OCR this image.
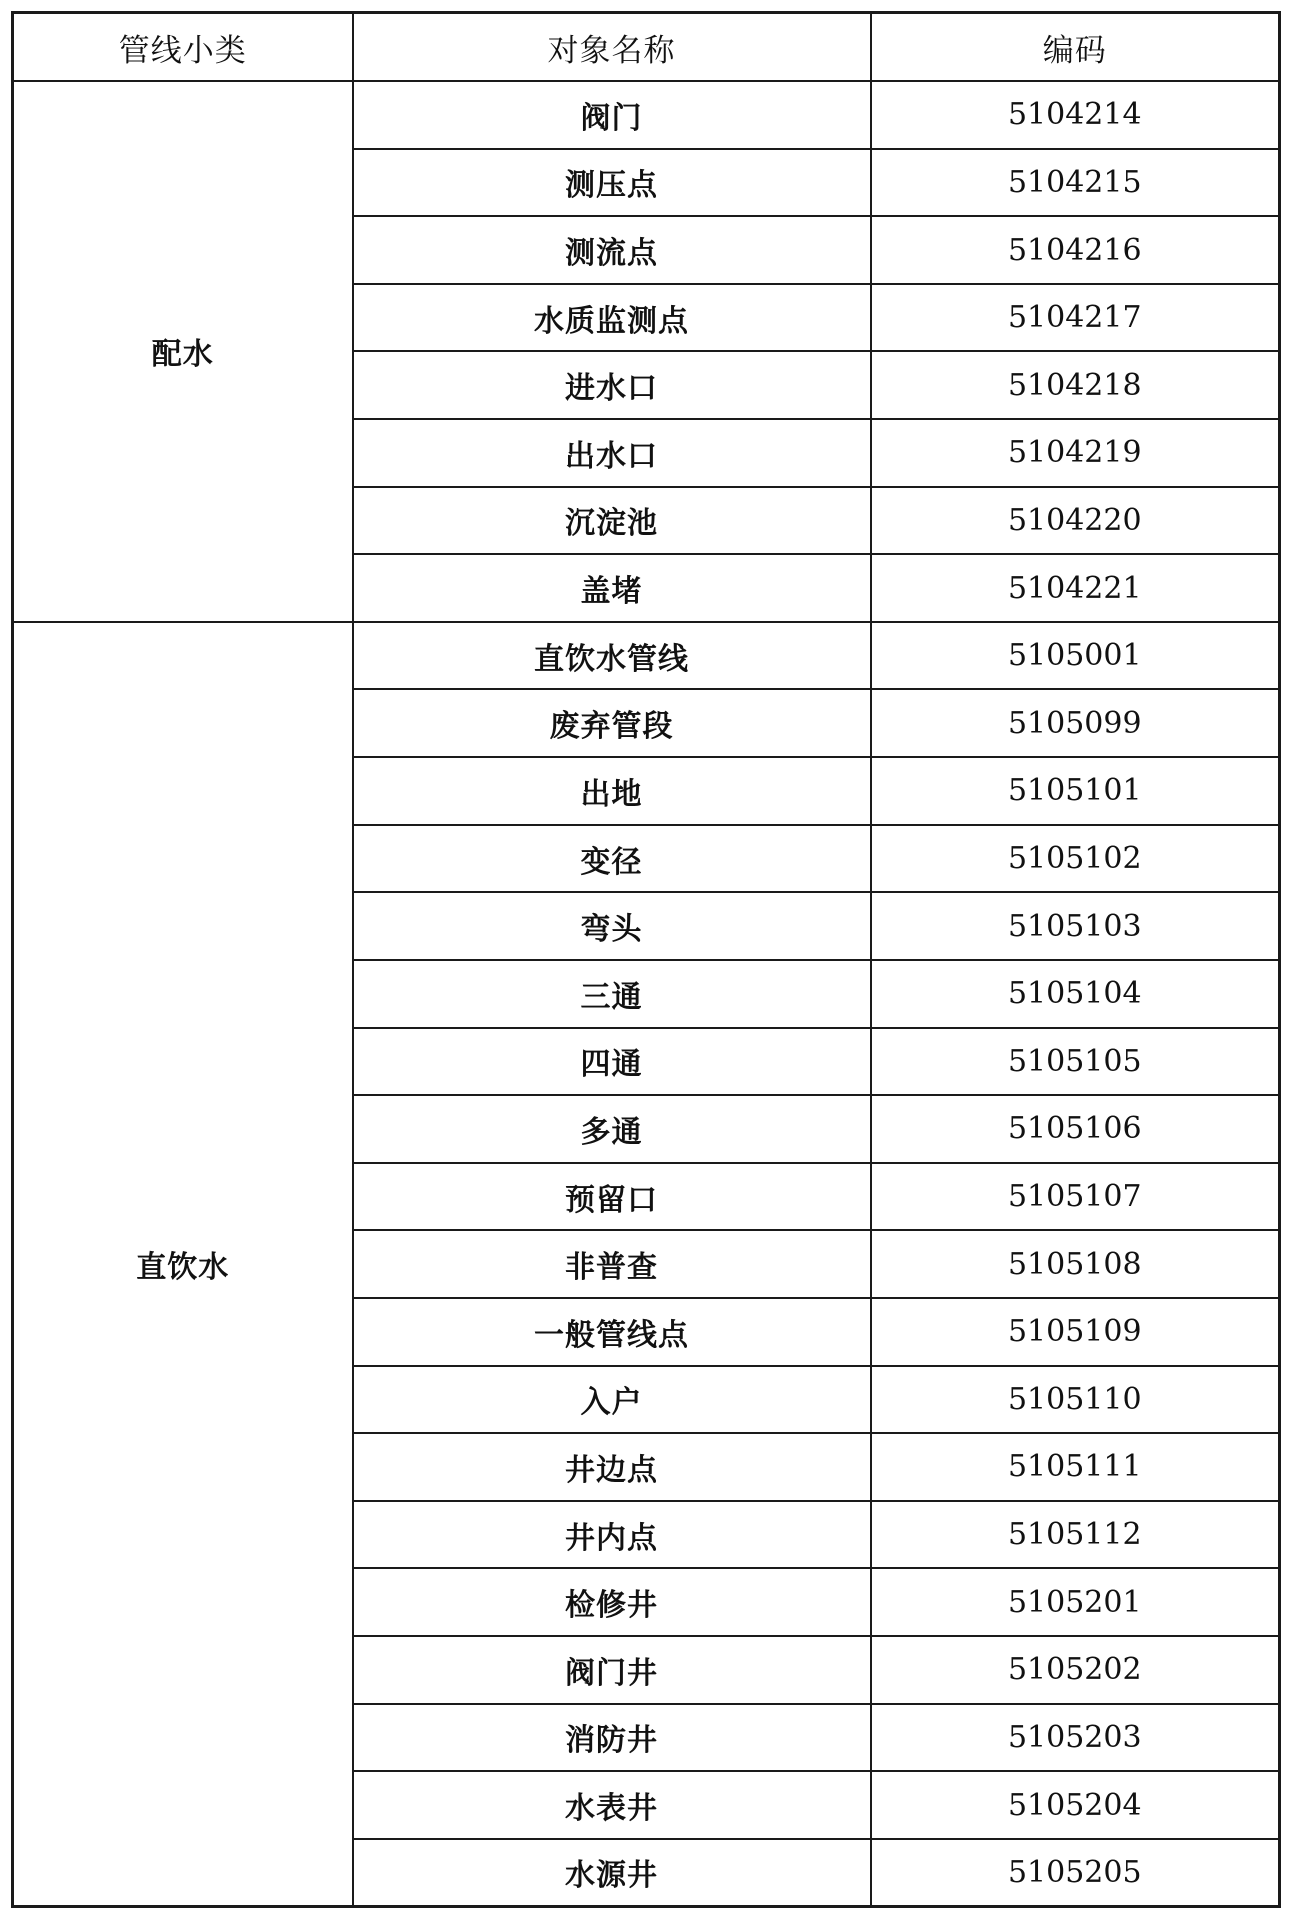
管线小类	对象名称	编码
配水	阀门	5104214
	测压点	5104215
	测流点	5104216
	水质监测点	5104217
	进水口	5104218
	出水口	5104219
	沉淀池	5104220
	盖堵	5104221
直饮水	直饮水管线	5105001
	废弃管段	5105099
	出地	5105101
	变径	5105102
	弯头	5105103
	三通	5105104
	四通	5105105
	多通	5105106
	预留口	5105107
	非普查	5105108
	一般管线点	5105109
	入户	5105110
	井边点	5105111
	井内点	5105112
	检修井	5105201
	阀门井	5105202
	消防井	5105203
	水表井	5105204
	水源井	5105205
